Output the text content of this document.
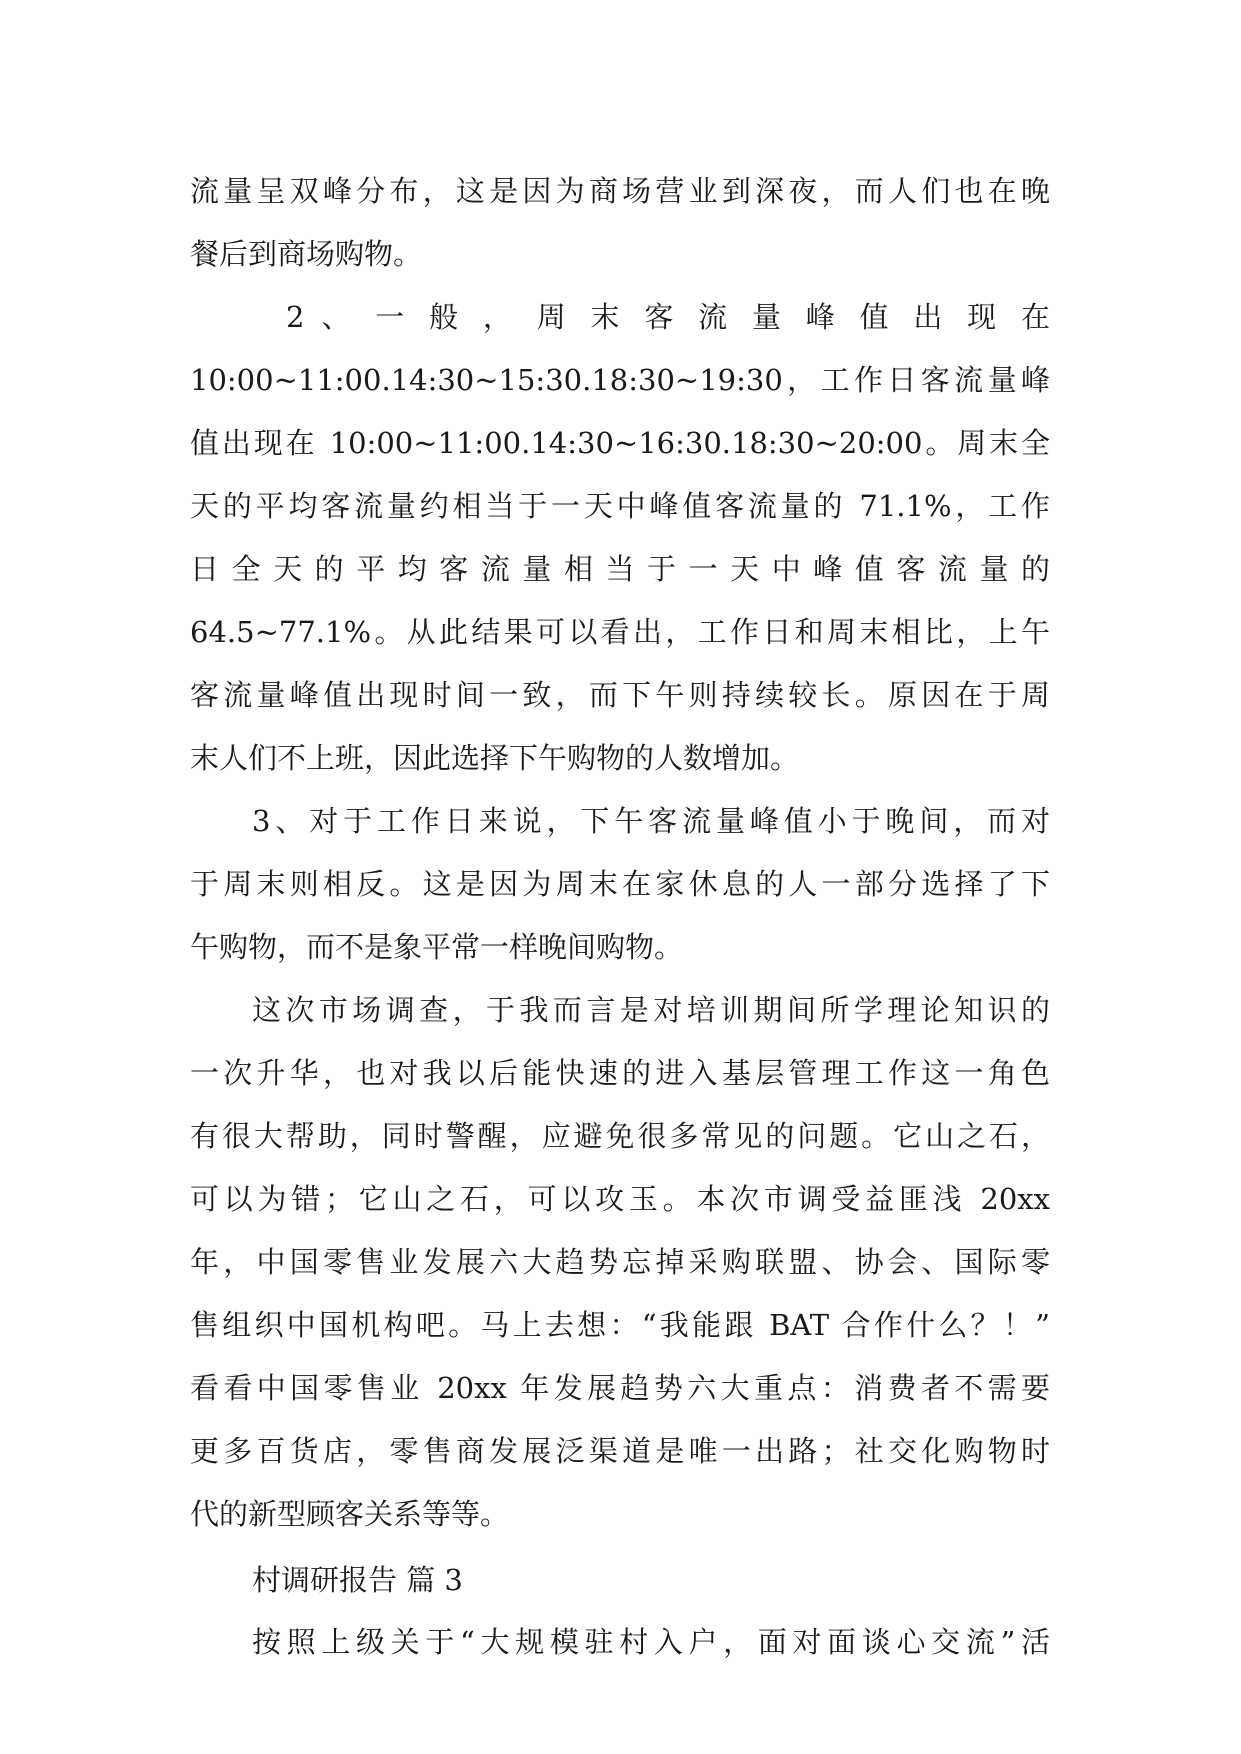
流量呈双峰分布，这是因为商场营业到深夜，而人们也在晚
餐后到商场购物。
2 、 一 般 ， 周 末 客 流 量 峰 值 出 现 在
10:00~11:00.14:30~15:30.18:30~19:30，工作日客流量峰
值出现在 10:00~11:00.14:30~16:30.18:30~20:00。周末全
天的平均客流量约相当于一天中峰值客流量的 71.1%，工作
日 全 天 的 平 均 客 流 量 相 当 于 一 天 中 峰 值 客 流 量 的
64.5~77.1%。从此结果可以看出，工作日和周末相比，上午
客流量峰值出现时间一致，而下午则持续较长。原因在于周
末人们不上班，因此选择下午购物的人数增加。
3、对于工作日来说，下午客流量峰值小于晚间，而对
于周末则相反。这是因为周末在家休息的人一部分选择了下
午购物，而不是象平常一样晚间购物。
这次市场调查，于我而言是对培训期间所学理论知识的
一次升华，也对我以后能快速的进入基层管理工作这一角色
有很大帮助，同时警醒，应避免很多常见的问题。它山之石，
可以为错；它山之石，可以攻玉。本次市调受益匪浅 20xx
年，中国零售业发展六大趋势忘掉采购联盟、协会、国际零
售组织中国机构吧。马上去想：“我能跟 BAT 合作什么？！”
看看中国零售业 20xx 年发展趋势六大重点：消费者不需要
更多百货店，零售商发展泛渠道是唯一出路；社交化购物时
代的新型顾客关系等等。
村调研报告 篇 3
按照上级关于“大规模驻村入户，面对面谈心交流”活
